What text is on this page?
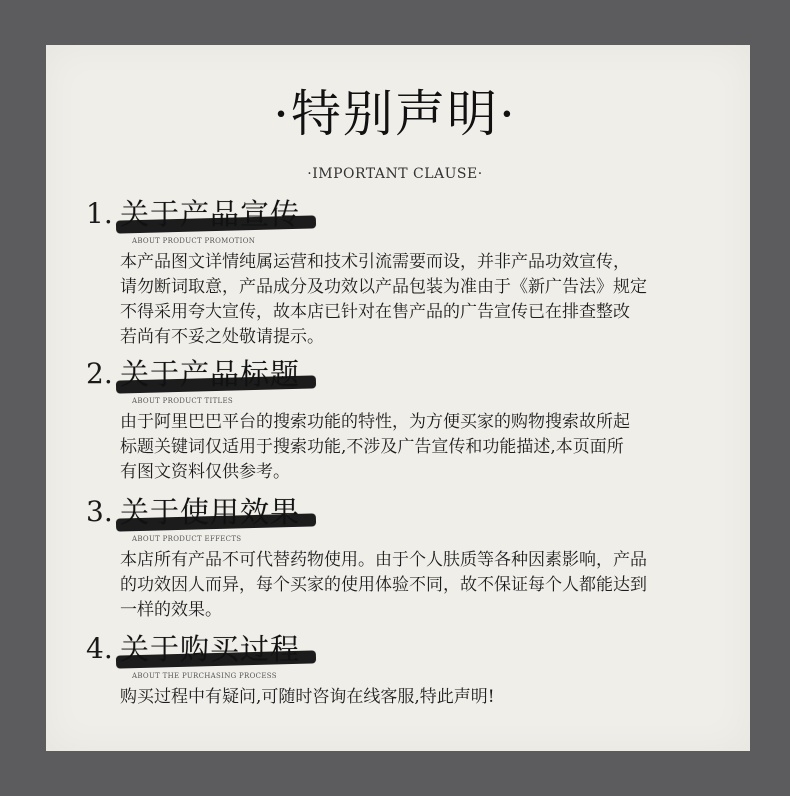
·特别声明·
·IMPORTANT CLAUSE·
1. 关于产品宣传
ABOUT PRODUCT PROMOTION
本产品图文详情纯属运营和技术引流需要而设，并非产品功效宣传，
请勿断词取意，产品成分及功效以产品包装为准由于《新广告法》规定
不得采用夸大宣传，故本店已针对在售产品的广告宣传已在排查整改
若尚有不妥之处敬请提示。
2. 关于产品标题
ABOUT PRODUCT TITLES
由于阿里巴巴平台的搜索功能的特性，为方便买家的购物搜索故所起
标题关键词仅适用于搜索功能,不涉及广告宣传和功能描述,本页面所
有图文资料仅供参考。
3. 关于使用效果
ABOUT PRODUCT EFFECTS
本店所有产品不可代替药物使用。由于个人肤质等各种因素影响，产品
的功效因人而异，每个买家的使用体验不同，故不保证每个人都能达到
一样的效果。
4. 关于购买过程
ABOUT THE PURCHASING PROCESS
购买过程中有疑问,可随时咨询在线客服,特此声明!
